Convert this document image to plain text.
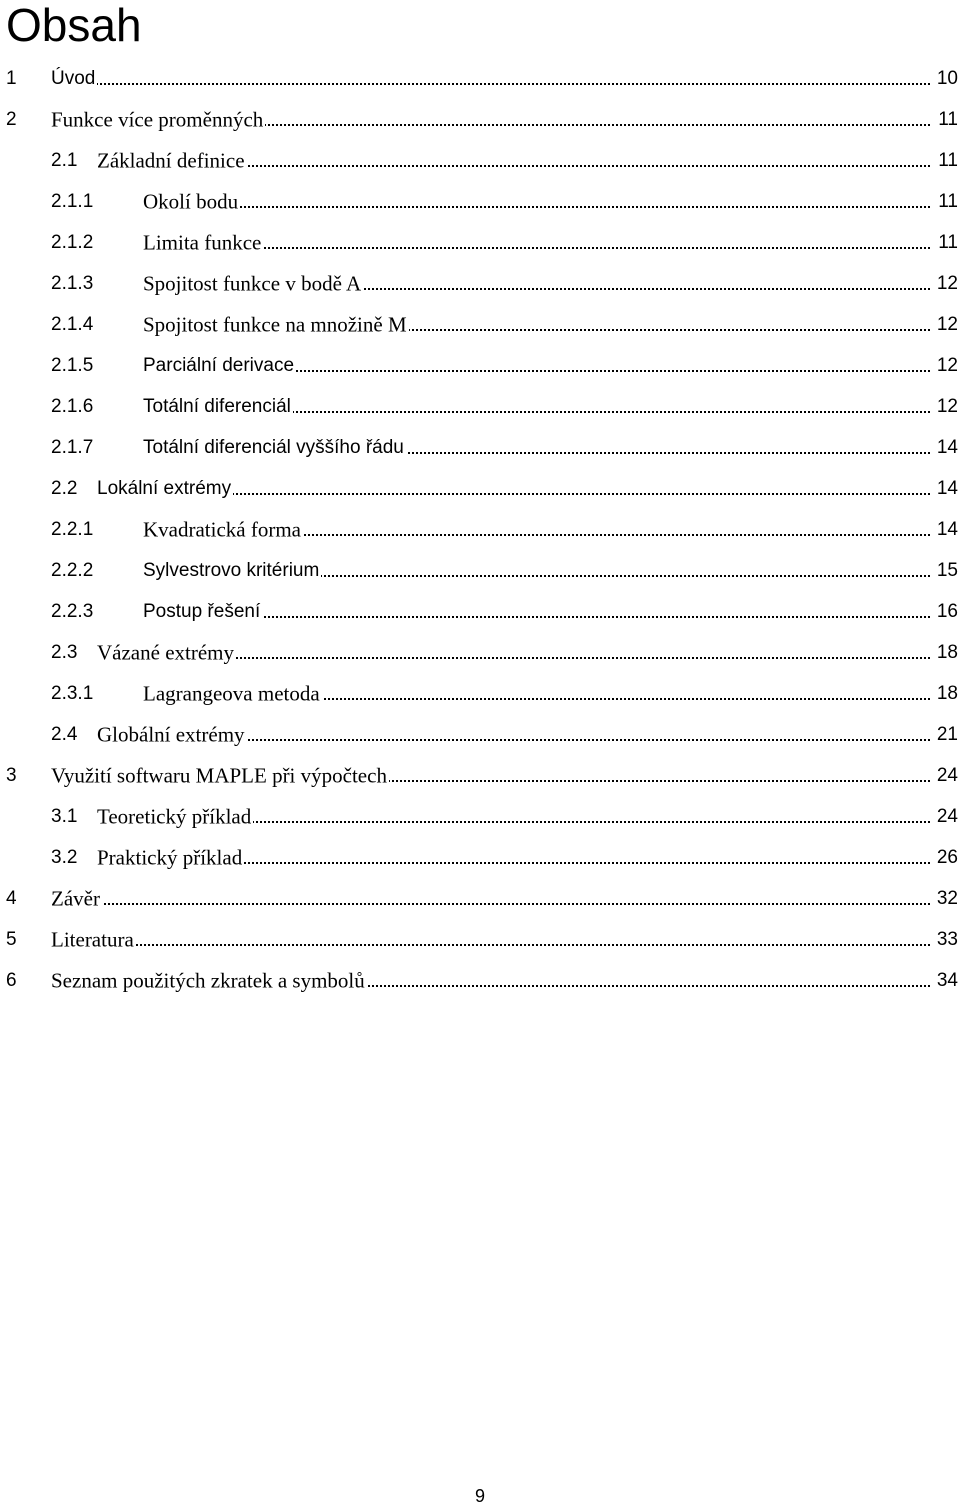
Obsah
1 Úvod	10
2 Funkce více proměnných	11
2.1 Základní definice	11
2.1.1 Okolí bodu	11
2.1.2 Limita funkce	11
2.1.3 Spojitost funkce v bodě A	12
2.1.4 Spojitost funkce na množině M	12
2.1.5	Parciální derivace	12
2.1.6	Totální diferenciál	12
2.1.7	Totální diferenciál vyššího řádu	14
2.2 Lokální extrémy	14
2.2.1 Kvadratická forma	14
2.2.2	Sylvestrovo kritérium	15
2.2.3	Postup řešení	16
2.3 Vázané extrémy	18
2.3.1 Lagrangeova metoda	18
2.4 Globální extrémy	21
3 Využití softwaru MAPLE při výpočtech	24
3.1 Teoretický příklad	24
3.2 Praktický příklad	26
4 Závěr	32
5 Literatura	33
6 Seznam použitých zkratek a symbolů	34
9
